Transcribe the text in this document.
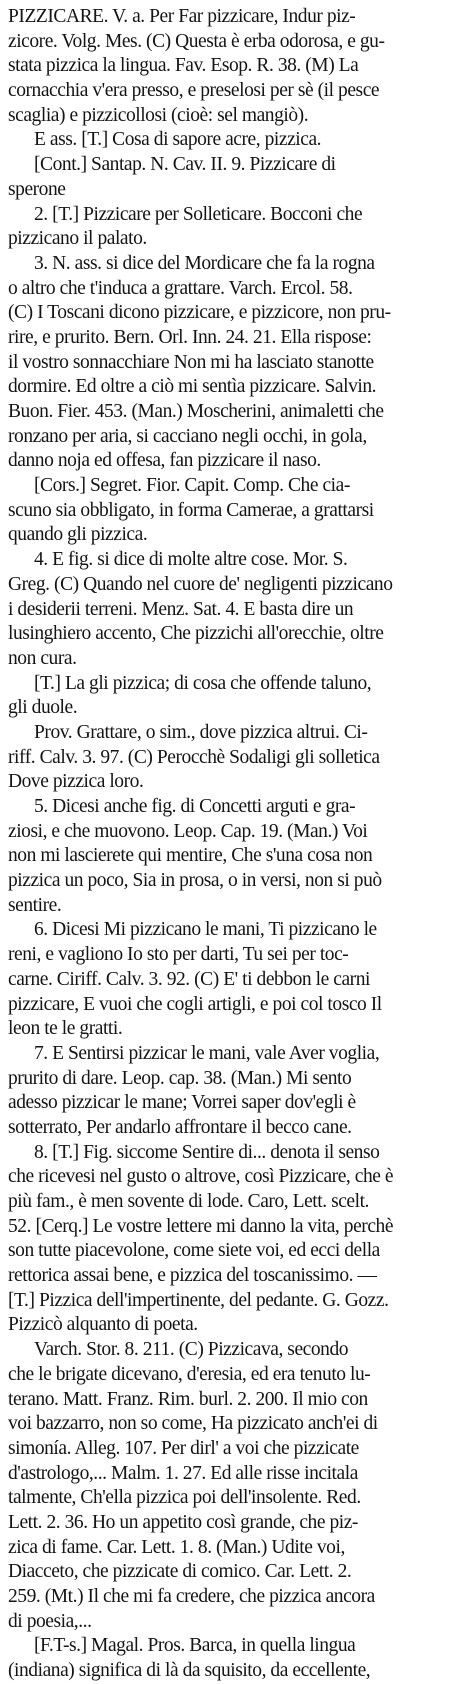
PIZZICARE. V. a. Per Far pizzicare, Indur piz-
zicore. Volg. Mes. (C) Questa è erba odorosa, e gu-
stata pizzica la lingua. Fav. Esop. R. 38. (M) La
cornacchia v'era presso, e preselosi per sè (il pesce
scaglia) e pizzicollosi (cioè: sel mangiò).
E ass. [T.] Cosa di sapore acre, pizzica.
[Cont.] Santap. N. Cav. II. 9. Pizzicare di
sperone
2. [T.] Pizzicare per Solleticare. Bocconi che
pizzicano il palato.
3. N. ass. si dice del Mordicare che fa la rogna
o altro che t'induca a grattare. Varch. Ercol. 58.
(C) I Toscani dicono pizzicare, e pizzicore, non pru-
rire, e prurito. Bern. Orl. Inn. 24. 21. Ella rispose:
il vostro sonnacchiare Non mi ha lasciato stanotte
dormire. Ed oltre a ciò mi sentìa pizzicare. Salvin.
Buon. Fier. 453. (Man.) Moscherini, animaletti che
ronzano per aria, si cacciano negli occhi, in gola,
danno noja ed offesa, fan pizzicare il naso.
[Cors.] Segret. Fior. Capit. Comp. Che cia-
scuno sia obbligato, in forma Camerae, a grattarsi
quando gli pizzica.
4. E fig. si dice di molte altre cose. Mor. S.
Greg. (C) Quando nel cuore de' negligenti pizzicano
i desiderii terreni. Menz. Sat. 4. E basta dire un
lusinghiero accento, Che pizzichi all'orecchie, oltre
non cura.
[T.] La gli pizzica; di cosa che offende taluno,
gli duole.
Prov. Grattare, o sim., dove pizzica altrui. Ci-
riff. Calv. 3. 97. (C) Perocchè Sodaligi gli solletica
Dove pizzica loro.
5. Dicesi anche fig. di Concetti arguti e gra-
ziosi, e che muovono. Leop. Cap. 19. (Man.) Voi
non mi lascierete qui mentire, Che s'una cosa non
pizzica un poco, Sia in prosa, o in versi, non si può
sentire.
6. Dicesi Mi pizzicano le mani, Ti pizzicano le
reni, e vagliono Io sto per darti, Tu sei per toc-
carne. Ciriff. Calv. 3. 92. (C) E' ti debbon le carni
pizzicare, E vuoi che cogli artigli, e poi col tosco Il
leon te le gratti.
7. E Sentirsi pizzicar le mani, vale Aver voglia,
prurito di dare. Leop. cap. 38. (Man.) Mi sento
adesso pizzicar le mane; Vorrei saper dov'egli è
sotterrato, Per andarlo affrontare il becco cane.
8. [T.] Fig. siccome Sentire di... denota il senso
che ricevesi nel gusto o altrove, così Pizzicare, che è
più fam., è men sovente di lode. Caro, Lett. scelt.
52. [Cerq.] Le vostre lettere mi danno la vita, perchè
son tutte piacevolone, come siete voi, ed ecci della
rettorica assai bene, e pizzica del toscanissimo. —
[T.] Pizzica dell'impertinente, del pedante. G. Gozz.
Pizzicò alquanto di poeta.
Varch. Stor. 8. 211. (C) Pizzicava, secondo
che le brigate dicevano, d'eresia, ed era tenuto lu-
terano. Matt. Franz. Rim. burl. 2. 200. Il mio con
voi bazzarro, non so come, Ha pizzicato anch'ei di
simonía. Alleg. 107. Per dirl' a voi che pizzicate
d'astrologo,... Malm. 1. 27. Ed alle risse incitala
talmente, Ch'ella pizzica poi dell'insolente. Red.
Lett. 2. 36. Ho un appetito così grande, che piz-
zica di fame. Car. Lett. 1. 8. (Man.) Udite voi,
Diacceto, che pizzicate di comico. Car. Lett. 2.
259. (Mt.) Il che mi fa credere, che pizzica ancora
di poesia,...
[F.T-s.] Magal. Pros. Barca, in quella lingua
(indiana) significa di là da squisito, da eccellente,
